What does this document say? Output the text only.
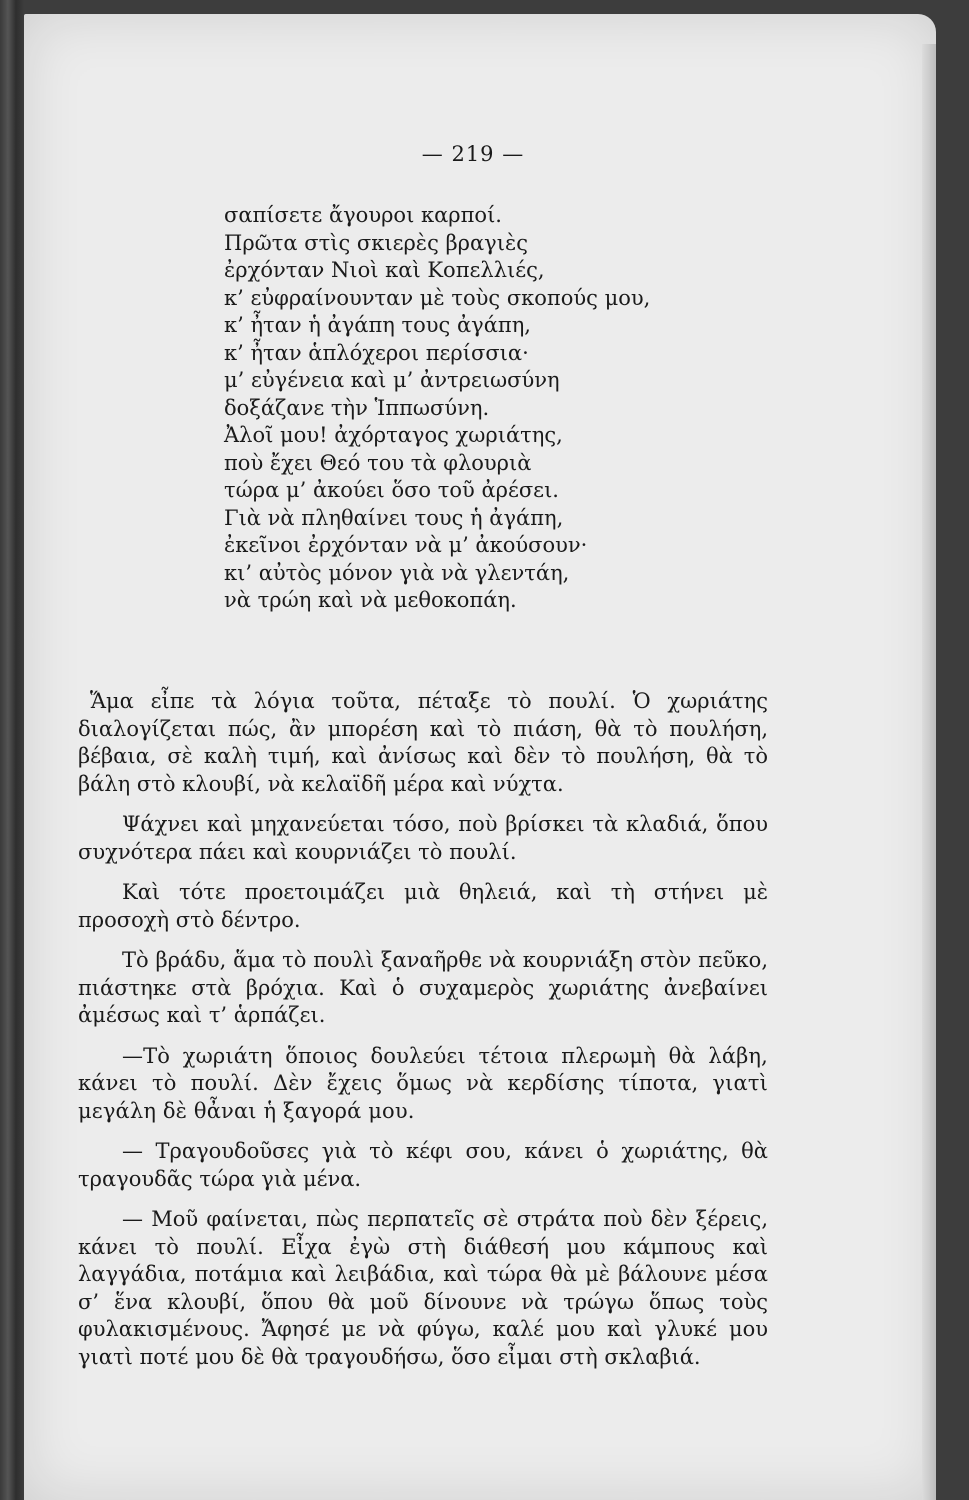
— 219 —
σαπίσετε ἄγουροι καρποί.
Πρῶτα στὶς σκιερὲς βραγιὲς
ἐρχόνταν Νιοὶ καὶ Κοπελλιές,
κ’ εὐφραίνουνταν μὲ τοὺς σκοπούς μου,
κ’ ἦταν ἡ ἀγάπη τους ἀγάπη,
κ’ ἦταν ἁπλόχεροι περίσσια·
μ’ εὐγένεια καὶ μ’ ἀντρειωσύνη
δοξάζανε τὴν Ἱππωσύνη.
Ἀλοῖ μου! ἀχόρταγος χωριάτης,
ποὺ ἔχει Θεό του τὰ φλουριὰ
τώρα μ’ ἀκούει ὅσο τοῦ ἀρέσει.
Γιὰ νὰ πληθαίνει τους ἡ ἀγάπη,
ἐκεῖνοι ἐρχόνταν νὰ μ’ ἀκούσουν·
κι’ αὐτὸς μόνον γιὰ νὰ γλεντάη,
νὰ τρώη καὶ νὰ μεθοκοπάη.

Ἅμα εἶπε τὰ λόγια τοῦτα, πέταξε τὸ πουλί. Ὁ χωριάτης διαλογίζεται πώς, ἂν μπορέση καὶ τὸ πιάση, θὰ τὸ πουλήση, βέβαια, σὲ καλὴ τιμή, καὶ ἀνίσως καὶ δὲν τὸ πουλήση, θὰ τὸ βάλη στὸ κλουβί, νὰ κελαϊδῆ μέρα καὶ νύχτα.

Ψάχνει καὶ μηχανεύεται τόσο, ποὺ βρίσκει τὰ κλαδιά, ὅπου συχνότερα πάει καὶ κουρνιάζει τὸ πουλί.

Καὶ τότε προετοιμάζει μιὰ θηλειά, καὶ τὴ στήνει μὲ προσοχὴ στὸ δέντρο.

Τὸ βράδυ, ἅμα τὸ πουλὶ ξαναῆρθε νὰ κουρνιάξη στὸν πεῦκο, πιάστηκε στὰ βρόχια. Καὶ ὁ συχαμερὸς χωριάτης ἀνεβαίνει ἀμέσως καὶ τ’ ἁρπάζει.

—Τὸ χωριάτη ὅποιος δουλεύει τέτοια πλερωμὴ θὰ λάβη, κάνει τὸ πουλί. Δὲν ἔχεις ὅμως νὰ κερδίσης τίποτα, γιατὶ μεγάλη δὲ θἆναι ἡ ξαγορά μου.

— Τραγουδοῦσες γιὰ τὸ κέφι σου, κάνει ὁ χωριάτης, θὰ τραγουδᾶς τώρα γιὰ μένα.

— Μοῦ φαίνεται, πὼς περπατεῖς σὲ στράτα ποὺ δὲν ξέρεις, κάνει τὸ πουλί. Εἶχα ἐγὼ στὴ διάθεσή μου κάμπους καὶ λαγγάδια, ποτάμια καὶ λειβάδια, καὶ τώρα θὰ μὲ βάλουνε μέσα σ’ ἕνα κλουβί, ὅπου θὰ μοῦ δίνουνε νὰ τρώγω ὅπως τοὺς φυλακισμένους. Ἄφησέ με νὰ φύγω, καλέ μου καὶ γλυκέ μου γιατὶ ποτέ μου δὲ θὰ τραγουδήσω, ὅσο εἶμαι στὴ σκλαβιά.
